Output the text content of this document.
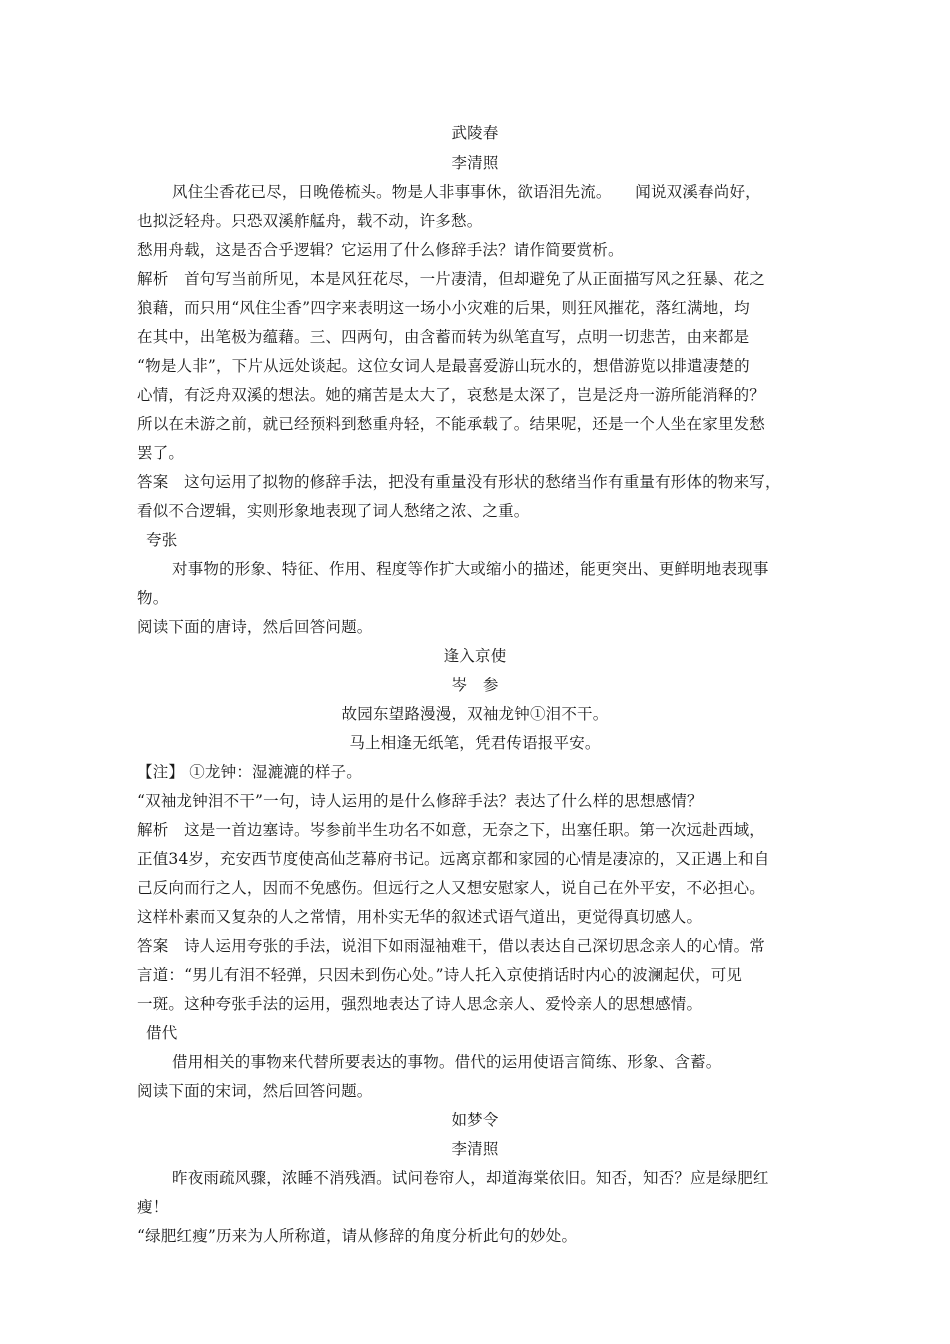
武陵春
李清照
风住尘香花已尽，日晚倦梳头。物是人非事事休，欲语泪先流。　　闻说双溪春尚好，
也拟泛轻舟。只恐双溪舴艋舟，载不动，许多愁。
愁用舟载，这是否合乎逻辑？它运用了什么修辞手法？请作简要赏析。
解析　首句写当前所见，本是风狂花尽，一片凄清，但却避免了从正面描写风之狂暴、花之
狼藉，而只用“风住尘香”四字来表明这一场小小灾难的后果，则狂风摧花，落红满地，均
在其中，出笔极为蕴藉。三、四两句，由含蓄而转为纵笔直写，点明一切悲苦，由来都是
“物是人非”，下片从远处谈起。这位女词人是最喜爱游山玩水的，想借游览以排遣凄楚的
心情，有泛舟双溪的想法。她的痛苦是太大了，哀愁是太深了，岂是泛舟一游所能消释的？
所以在未游之前，就已经预料到愁重舟轻，不能承载了。结果呢，还是一个人坐在家里发愁
罢了。
答案　这句运用了拟物的修辞手法，把没有重量没有形状的愁绪当作有重量有形体的物来写，
看似不合逻辑，实则形象地表现了词人愁绪之浓、之重。
夸张
对事物的形象、特征、作用、程度等作扩大或缩小的描述，能更突出、更鲜明地表现事
物。
阅读下面的唐诗，然后回答问题。
逢入京使
岑　参
故园东望路漫漫，双袖龙钟①泪不干。
马上相逢无纸笔，凭君传语报平安。
【注】 ①龙钟：湿漉漉的样子。
“双袖龙钟泪不干”一句，诗人运用的是什么修辞手法？表达了什么样的思想感情？
解析　这是一首边塞诗。岑参前半生功名不如意，无奈之下，出塞任职。第一次远赴西域，
正值34岁，充安西节度使高仙芝幕府书记。远离京都和家园的心情是凄凉的，又正遇上和自
己反向而行之人，因而不免感伤。但远行之人又想安慰家人，说自己在外平安，不必担心。
这样朴素而又复杂的人之常情，用朴实无华的叙述式语气道出，更觉得真切感人。
答案　诗人运用夸张的手法，说泪下如雨湿袖难干，借以表达自己深切思念亲人的心情。常
言道：“男儿有泪不轻弹，只因未到伤心处。”诗人托入京使捎话时内心的波澜起伏，可见
一斑。这种夸张手法的运用，强烈地表达了诗人思念亲人、爱怜亲人的思想感情。
借代
借用相关的事物来代替所要表达的事物。借代的运用使语言简练、形象、含蓄。
阅读下面的宋词，然后回答问题。
如梦令
李清照
昨夜雨疏风骤，浓睡不消残酒。试问卷帘人，却道海棠依旧。知否，知否？应是绿肥红
瘦！
“绿肥红瘦”历来为人所称道，请从修辞的角度分析此句的妙处。
